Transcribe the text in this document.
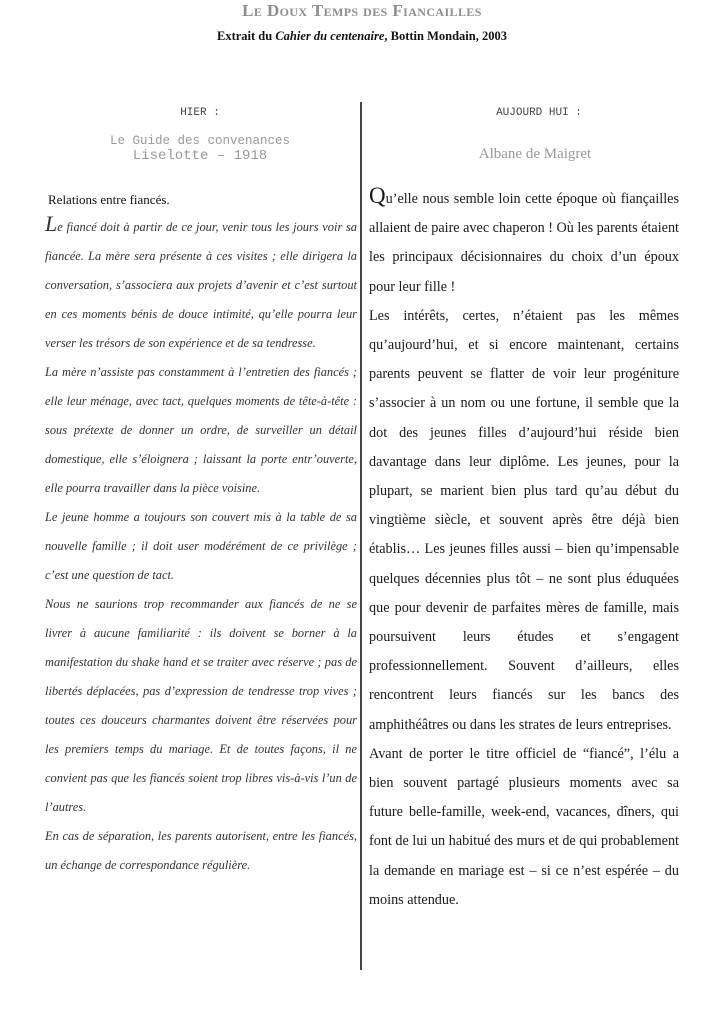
Le Doux Temps des Fiancailles
Extrait du Cahier du centenaire, Bottin Mondain, 2003
HIER :
Le Guide des convenances
Liselotte – 1918
AUJOURD HUI :
Albane de Maigret
Relations entre fiancés.

Le fiancé doit à partir de ce jour, venir tous les jours voir sa fiancée. La mère sera présente à ces visites ; elle dirigera la conversation, s’associera aux projets d’avenir et c’est surtout en ces moments bénis de douce intimité, qu’elle pourra leur verser les trésors de son expérience et de sa tendresse.

La mère n’assiste pas constamment à l’entretien des fiancés ; elle leur ménage, avec tact, quelques moments de tête-à-tête : sous prétexte de donner un ordre, de surveiller un détail domestique, elle s’éloignera ; laissant la porte entr’ouverte, elle pourra travailler dans la pièce voisine.

Le jeune homme a toujours son couvert mis à la table de sa nouvelle famille ; il doit user modérément de ce privilège ; c’est une question de tact.

Nous ne saurions trop recommander aux fiancés de ne se livrer à aucune familiarité : ils doivent se borner à la manifestation du shake hand et se traiter avec réserve ; pas de libertés déplacées, pas d’expression de tendresse trop vives ; toutes ces douceurs charmantes doivent être réservées pour les premiers temps du mariage. Et de toutes façons, il ne convient pas que les fiancés soient trop libres vis-à-vis l’un de l’autres.

En cas de séparation, les parents autorisent, entre les fiancés, un échange de correspondance régulière.

Qu’elle nous semble loin cette époque où fiançailles allaient de paire avec chaperon ! Où les parents étaient les principaux décisionnaires du choix d’un époux pour leur fille !

Les intérêts, certes, n’étaient pas les mêmes qu’aujourd’hui, et si encore maintenant, certains parents peuvent se flatter de voir leur progéniture s’associer à un nom ou une fortune, il semble que la dot des jeunes filles d’aujourd’hui réside bien davantage dans leur diplôme. Les jeunes, pour la plupart, se marient bien plus tard qu’au début du vingtième siècle, et souvent après être déjà bien établis… Les jeunes filles aussi – bien qu’impensable quelques décennies plus tôt – ne sont plus éduquées que pour devenir de parfaites mères de famille, mais poursuivent leurs études et s’engagent professionnellement. Souvent d’ailleurs, elles rencontrent leurs fiancés sur les bancs des amphithéâtres ou dans les strates de leurs entreprises.

Avant de porter le titre officiel de “fiancé”, l’élu a bien souvent partagé plusieurs moments avec sa future belle-famille, week-end, vacances, dîners, qui font de lui un habitué des murs et de qui probablement la demande en mariage est – si ce n’est espérée – du moins attendue.
